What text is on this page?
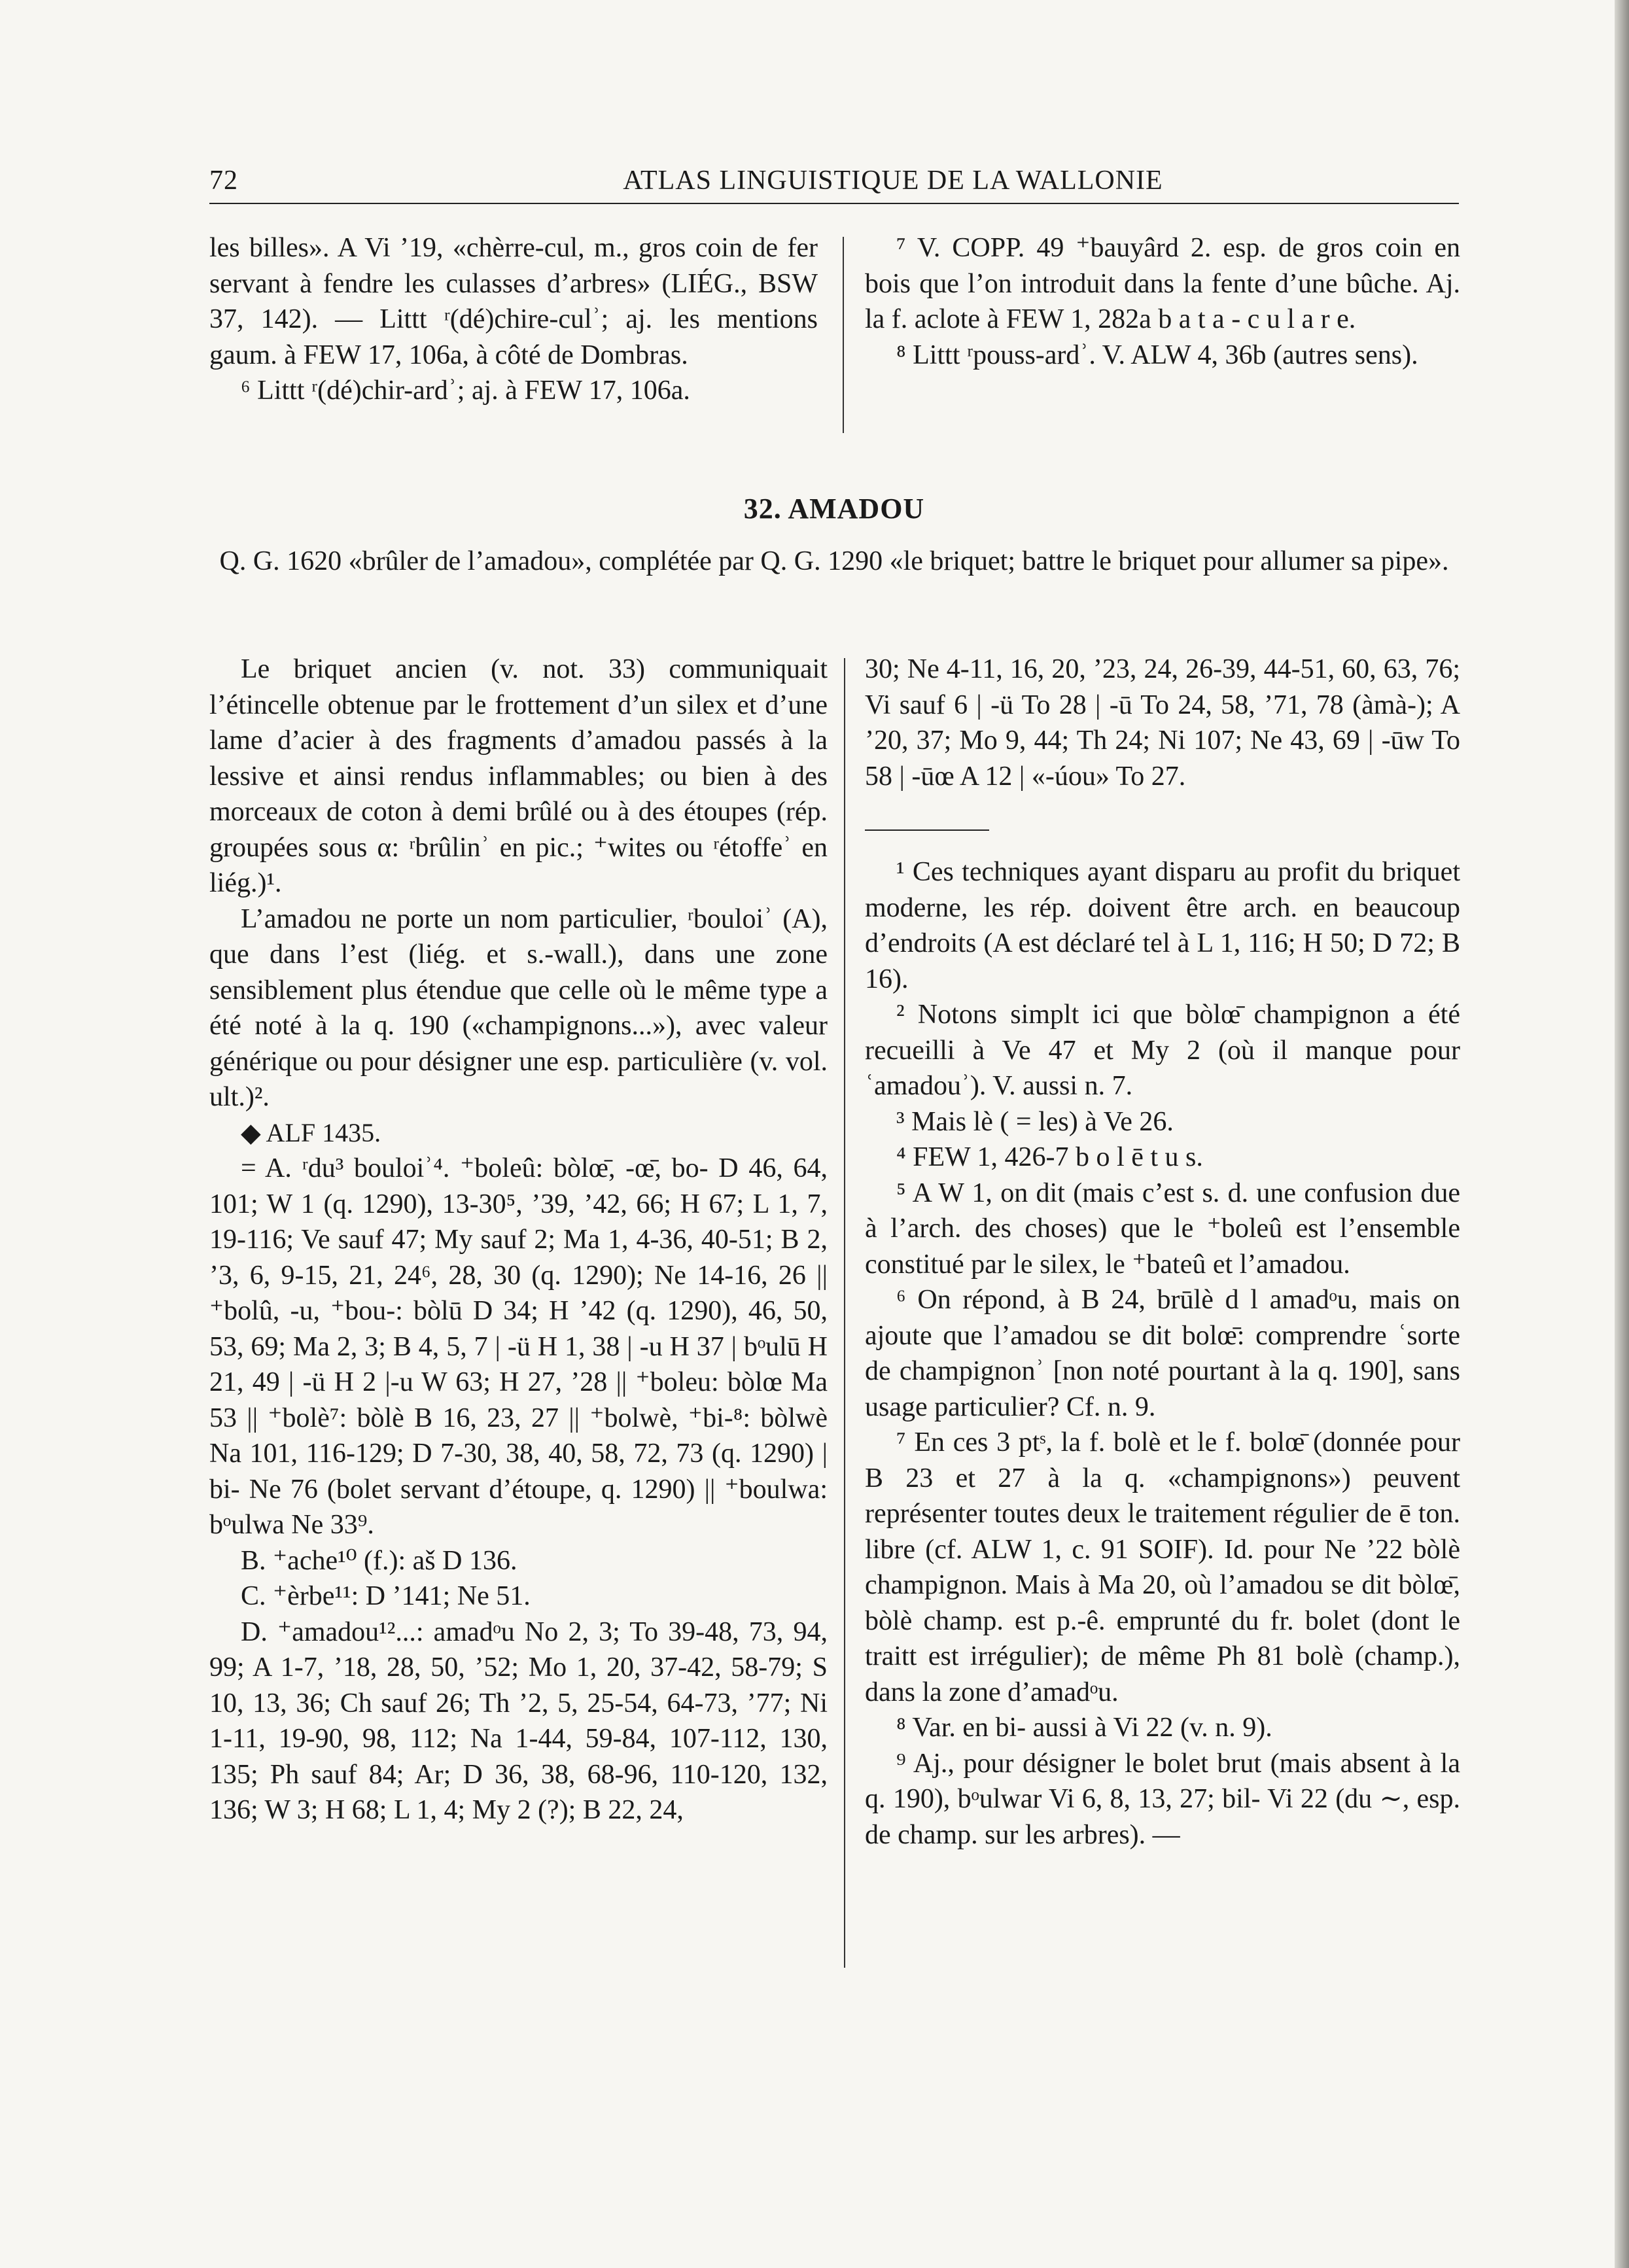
72	ATLAS LINGUISTIQUE DE LA WALLONIE

les billes». A Vi ’19, «chèrre-cul, m., gros coin de fer servant à fendre les culasses d’arbres» (LIÉG., BSW 37, 142). — Littt ʳ(dé)chire-culʾ; aj. les mentions gaum. à FEW 17, 106a, à côté de Dombras.

⁶ Littt ʳ(dé)chir-ardʾ; aj. à FEW 17, 106a.

⁷ V. COPP. 49 ⁺bauyârd 2. esp. de gros coin en bois que l’on introduit dans la fente d’une bûche. Aj. la f. aclote à FEW 1, 282a b a t a - c u l a r e.

⁸ Littt ʳpouss-ardʾ. V. ALW 4, 36b (autres sens).

32. AMADOU
Q. G. 1620 «brûler de l’amadou», complétée par Q. G. 1290 «le briquet; battre le briquet pour allumer sa pipe».

Le briquet ancien (v. not. 33) communiquait l’étincelle obtenue par le frottement d’un silex et d’une lame d’acier à des fragments d’amadou passés à la lessive et ainsi rendus inflammables; ou bien à des morceaux de coton à demi brûlé ou à des étoupes (rép. groupées sous α: ʳbrûlinʾ en pic.; ⁺wites ou ʳétoffeʾ en liég.)¹.

L’amadou ne porte un nom particulier, ʳbouloiʾ (A), que dans l’est (liég. et s.-wall.), dans une zone sensiblement plus étendue que celle où le même type a été noté à la q. 190 («champignons...»), avec valeur générique ou pour désigner une esp. particulière (v. vol. ult.)².

◆ ALF 1435.

= A. ʳdu³ bouloiʾ⁴. ⁺boleû: bòlœ̄, -œ̄, bo- D 46, 64, 101; W 1 (q. 1290), 13-30⁵, ’39, ’42, 66; H 67; L 1, 7, 19-116; Ve sauf 47; My sauf 2; Ma 1, 4-36, 40-51; B 2, ’3, 6, 9-15, 21, 24⁶, 28, 30 (q. 1290); Ne 14-16, 26 || ⁺bolû, -u, ⁺bou-: bòlū D 34; H ’42 (q. 1290), 46, 50, 53, 69; Ma 2, 3; B 4, 5, 7 | -ü H 1, 38 | -u H 37 | bᵒulū H 21, 49 | -ü H 2 |-u W 63; H 27, ’28 || ⁺boleu: bòlœ Ma 53 || ⁺bolè⁷: bòlè B 16, 23, 27 || ⁺bolwè, ⁺bi-⁸: bòlwè Na 101, 116-129; D 7-30, 38, 40, 58, 72, 73 (q. 1290) | bi- Ne 76 (bolet servant d’étoupe, q. 1290) || ⁺boulwa: bᵒulwa Ne 33⁹.

B. ⁺ache¹⁰ (f.): aš D 136.

C. ⁺èrbe¹¹: D ’141; Ne 51.

D. ⁺amadou¹²...: amadᵒu No 2, 3; To 39-48, 73, 94, 99; A 1-7, ’18, 28, 50, ’52; Mo 1, 20, 37-42, 58-79; S 10, 13, 36; Ch sauf 26; Th ’2, 5, 25-54, 64-73, ’77; Ni 1-11, 19-90, 98, 112; Na 1-44, 59-84, 107-112, 130, 135; Ph sauf 84; Ar; D 36, 38, 68-96, 110-120, 132, 136; W 3; H 68; L 1, 4; My 2 (?); B 22, 24,

30; Ne 4-11, 16, 20, ’23, 24, 26-39, 44-51, 60, 63, 76; Vi sauf 6 | -ü To 28 | -ū To 24, 58, ’71, 78 (àmà-); A ’20, 37; Mo 9, 44; Th 24; Ni 107; Ne 43, 69 | -ūw To 58 | -ūœ A 12 | «-úou» To 27.

¹ Ces techniques ayant disparu au profit du briquet moderne, les rép. doivent être arch. en beaucoup d’endroits (A est déclaré tel à L 1, 116; H 50; D 72; B 16).

² Notons simplt ici que bòlœ̄ champignon a été recueilli à Ve 47 et My 2 (où il manque pour ʿamadouʾ). V. aussi n. 7.

³ Mais lè ( = les) à Ve 26.

⁴ FEW 1, 426-7 b o l ē t u s.

⁵ A W 1, on dit (mais c’est s. d. une confusion due à l’arch. des choses) que le ⁺boleû est l’ensemble constitué par le silex, le ⁺bateû et l’amadou.

⁶ On répond, à B 24, brūlè d l amadᵒu, mais on ajoute que l’amadou se dit bolœ̄: comprendre ʿsorte de champignonʾ [non noté pourtant à la q. 190], sans usage particulier? Cf. n. 9.

⁷ En ces 3 ptˢ, la f. bolè et le f. bolœ̄ (donnée pour B 23 et 27 à la q. «champignons») peuvent représenter toutes deux le traitement régulier de ē ton. libre (cf. ALW 1, c. 91 SOIF). Id. pour Ne ’22 bòlè champignon. Mais à Ma 20, où l’amadou se dit bòlœ̄, bòlè champ. est p.-ê. emprunté du fr. bolet (dont le traitt est irrégulier); de même Ph 81 bolè (champ.), dans la zone d’amadᵒu.

⁸ Var. en bi- aussi à Vi 22 (v. n. 9).

⁹ Aj., pour désigner le bolet brut (mais absent à la q. 190), bᵒulwar Vi 6, 8, 13, 27; bil- Vi 22 (du ∼, esp. de champ. sur les arbres). —
